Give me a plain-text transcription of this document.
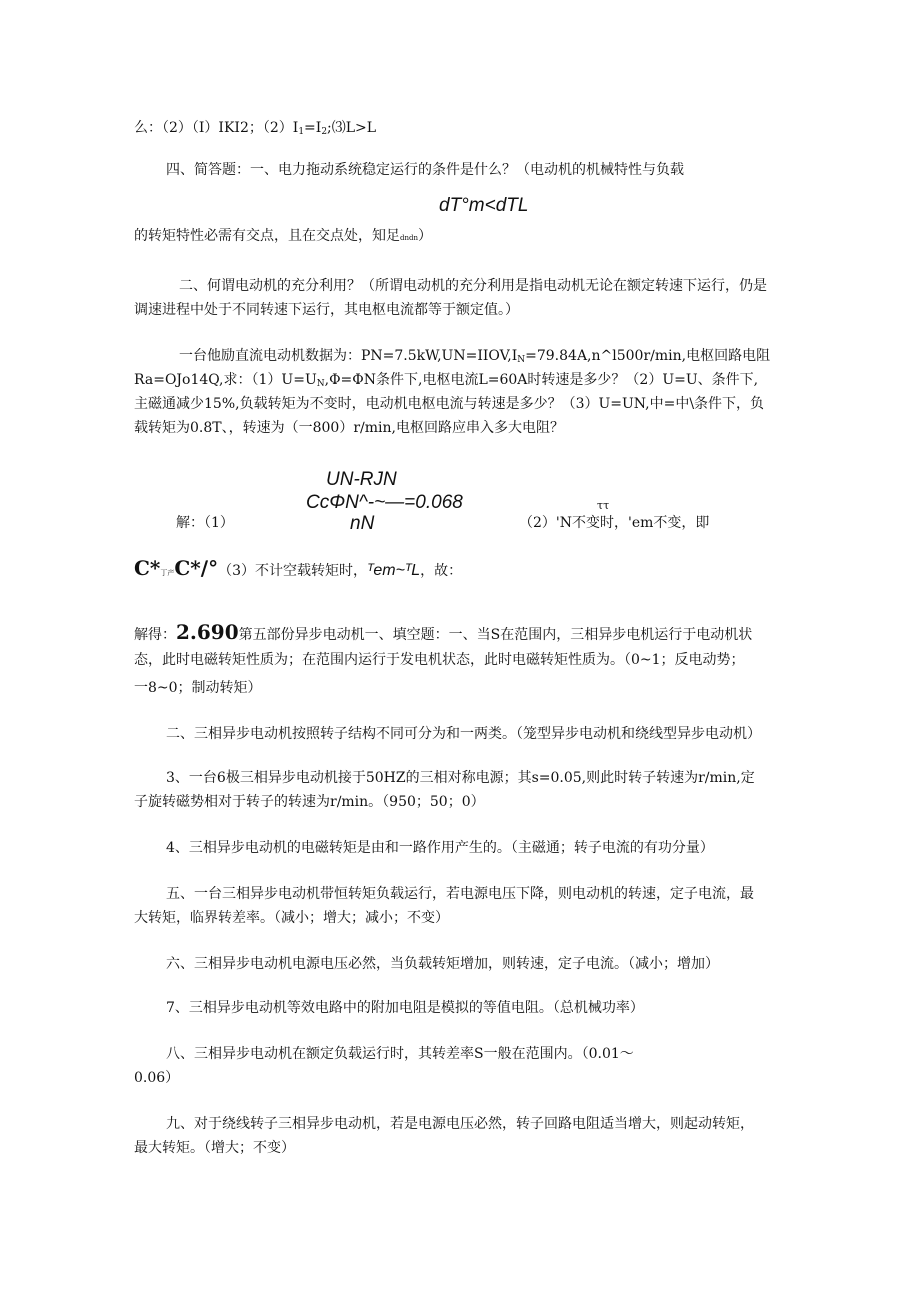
么：（2）（I）IKI2；$(2)I_1=I_2;⑶L>L$
四、简答题：一、电力拖动系统稳定运行的条件是什么？（电动机的机械特性与负载
dT°m<dTL
的转矩特性必需有交点，且在交点处，知足dndn）
二、何谓电动机的充分利用？（所谓电动机的充分利用是指电动机无论在额定转速下运行，仍是
调速进程中处于不同转速下运行，其电枢电流都等于额定值。）
一台他励直流电动机数据为：$PN=7.5kW,UN=IIOV,I_N=79.84A,n\^{}l500r∕\min$,电枢回路电阻
Ra=OJo14Q,求：$(1)U=U_N,\Phi=\Phi N$条件下,电枢电流L=60A时转速是多少？（2）U=U、条件下,
主磁通减少15%,负载转矩为不变时，电动机电枢电流与转速是多少？（3）U=UN,中=中\条件下，负
载转矩为0.8T、，转速为（一800）r∕min,电枢回路应串入多大电阻？
UN-RJN
CcΦN^-~—=0.068
nN
ττ
解：（1）	（2）'N不变时，'em不变，即
C*丁产C*∕°（3）不计空载转矩时，ᵀem~ᵀL，故：
解得：2.690第五部份异步电动机一、填空题：一、当S在范围内，三相异步电机运行于电动机状
态，此时电磁转矩性质为；在范围内运行于发电机状态，此时电磁转矩性质为。（0~1；反电动势；
一8~0；制动转矩）
二、三相异步电动机按照转子结构不同可分为和一两类。（笼型异步电动机和绕线型异步电动机）
3、一台6极三相异步电动机接于50HZ的三相对称电源；其s=0.05,则此时转子转速为r∕min,定
子旋转磁势相对于转子的转速为r∕min。（950；50；0）
4、三相异步电动机的电磁转矩是由和一路作用产生的。（主磁通；转子电流的有功分量）
五、一台三相异步电动机带恒转矩负载运行，若电源电压下降，则电动机的转速，定子电流，最
大转矩，临界转差率。（减小；增大；减小；不变）
六、三相异步电动机电源电压必然，当负载转矩增加，则转速，定子电流。（减小；增加）
7、三相异步电动机等效电路中的附加电阻是模拟的等值电阻。（总机械功率）
八、三相异步电动机在额定负载运行时，其转差率S一般在范围内。（0.01～
0.06）
九、对于绕线转子三相异步电动机，若是电源电压必然，转子回路电阻适当增大，则起动转矩，
最大转矩。（增大；不变）
